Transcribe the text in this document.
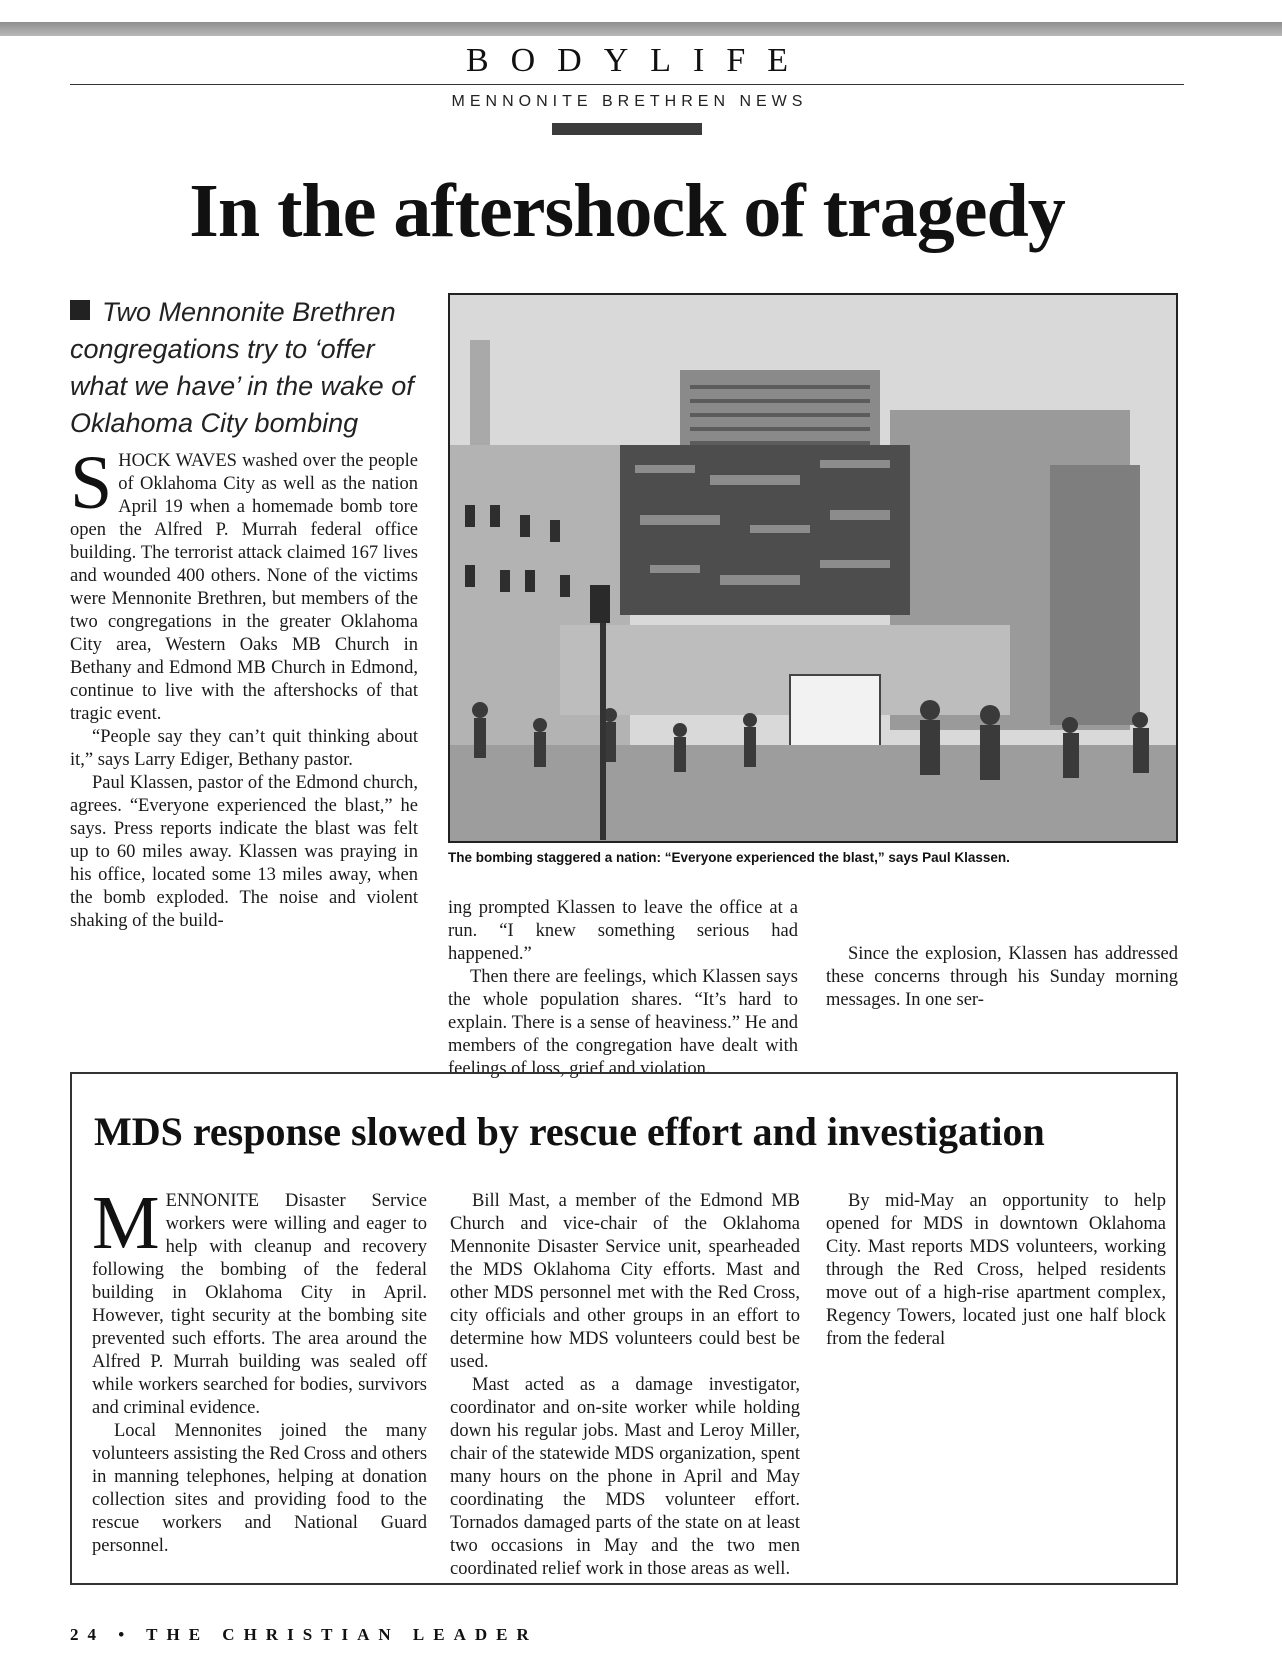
BODYLIFE
MENNONITE BRETHREN NEWS
In the aftershock of tragedy
Two Mennonite Brethren congregations try to ‘offer what we have’ in the wake of Oklahoma City bombing

SHOCK WAVES washed over the people of Oklahoma City as well as the nation April 19 when a homemade bomb tore open the Alfred P. Murrah federal office building. The terrorist attack claimed 167 lives and wounded 400 others. None of the victims were Mennonite Brethren, but members of the two congregations in the greater Oklahoma City area, Western Oaks MB Church in Bethany and Edmond MB Church in Edmond, continue to live with the aftershocks of that tragic event.

“People say they can’t quit thinking about it,” says Larry Ediger, Bethany pastor.

Paul Klassen, pastor of the Edmond church, agrees. “Everyone experienced the blast,” he says. Press reports indicate the blast was felt up to 60 miles away. Klassen was praying in his office, located some 13 miles away, when the bomb exploded. The noise and violent shaking of the build-

The bombing staggered a nation: “Everyone experienced the blast,” says Paul Klassen.

ing prompted Klassen to leave the office at a run. “I knew something serious had happened.”

Then there are feelings, which Klassen says the whole population shares. “It’s hard to explain. There is a sense of heaviness.” He and members of the congregation have dealt with feelings of loss, grief and violation.

Since the explosion, Klassen has addressed these concerns through his Sunday morning messages. In one ser-

MDS response slowed by rescue effort and investigation

MENNONITE Disaster Service workers were willing and eager to help with cleanup and recovery following the bombing of the federal building in Oklahoma City in April. However, tight security at the bombing site prevented such efforts. The area around the Alfred P. Murrah building was sealed off while workers searched for bodies, survivors and criminal evidence.

Local Mennonites joined the many volunteers assisting the Red Cross and others in manning telephones, helping at donation collection sites and providing food to the rescue workers and National Guard personnel.

Bill Mast, a member of the Edmond MB Church and vice-chair of the Oklahoma Mennonite Disaster Service unit, spearheaded the MDS Oklahoma City efforts. Mast and other MDS personnel met with the Red Cross, city officials and other groups in an effort to determine how MDS volunteers could best be used.

Mast acted as a damage investigator, coordinator and on-site worker while holding down his regular jobs. Mast and Leroy Miller, chair of the statewide MDS organization, spent many hours on the phone in April and May coordinating the MDS volunteer effort. Tornados damaged parts of the state on at least two occasions in May and the two men coordinated relief work in those areas as well.

By mid-May an opportunity to help opened for MDS in downtown Oklahoma City. Mast reports MDS volunteers, working through the Red Cross, helped residents move out of a high-rise apartment complex, Regency Towers, located just one half block from the federal

24 • THE CHRISTIAN LEADER
